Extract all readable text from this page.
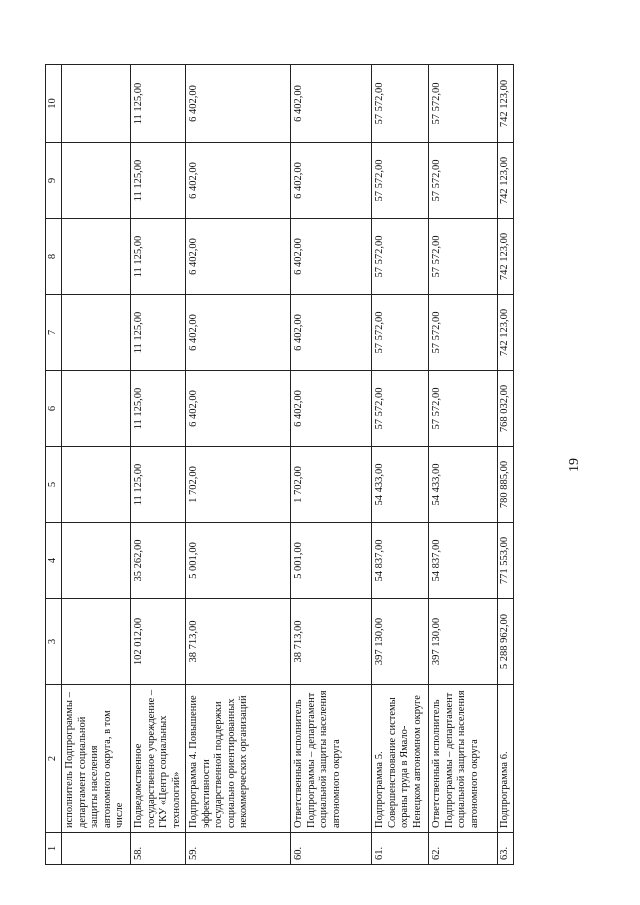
1	2	3	4	5	6	7	8	9	10
	исполнитель Подпрограммы – департамент социальной защиты населения автономного округа, в том числе								
58.	Подведомственное государственное учреждение – ГКУ «Центр социальных технологий»	102 012,00	35 262,00	11 125,00	11 125,00	11 125,00	11 125,00	11 125,00	11 125,00
59.	Подпрограмма 4. Повышение эффективности государственной поддержки социально ориентированных некоммерческих организаций	38 713,00	5 001,00	1 702,00	6 402,00	6 402,00	6 402,00	6 402,00	6 402,00
60.	Ответственный исполнитель Подпрограммы – департамент социальной защиты населения автономного округа	38 713,00	5 001,00	1 702,00	6 402,00	6 402,00	6 402,00	6 402,00	6 402,00
61.	Подпрограмма 5. Совершенствование системы охраны труда в Ямало-Ненецком автономном округе	397 130,00	54 837,00	54 433,00	57 572,00	57 572,00	57 572,00	57 572,00	57 572,00
62.	Ответственный исполнитель Подпрограммы – департамент социальной защиты населения автономного округа	397 130,00	54 837,00	54 433,00	57 572,00	57 572,00	57 572,00	57 572,00	57 572,00
63.	Подпрограмма 6.	5 288 962,00	771 553,00	780 885,00	768 032,00	742 123,00	742 123,00	742 123,00	742 123,00
19
